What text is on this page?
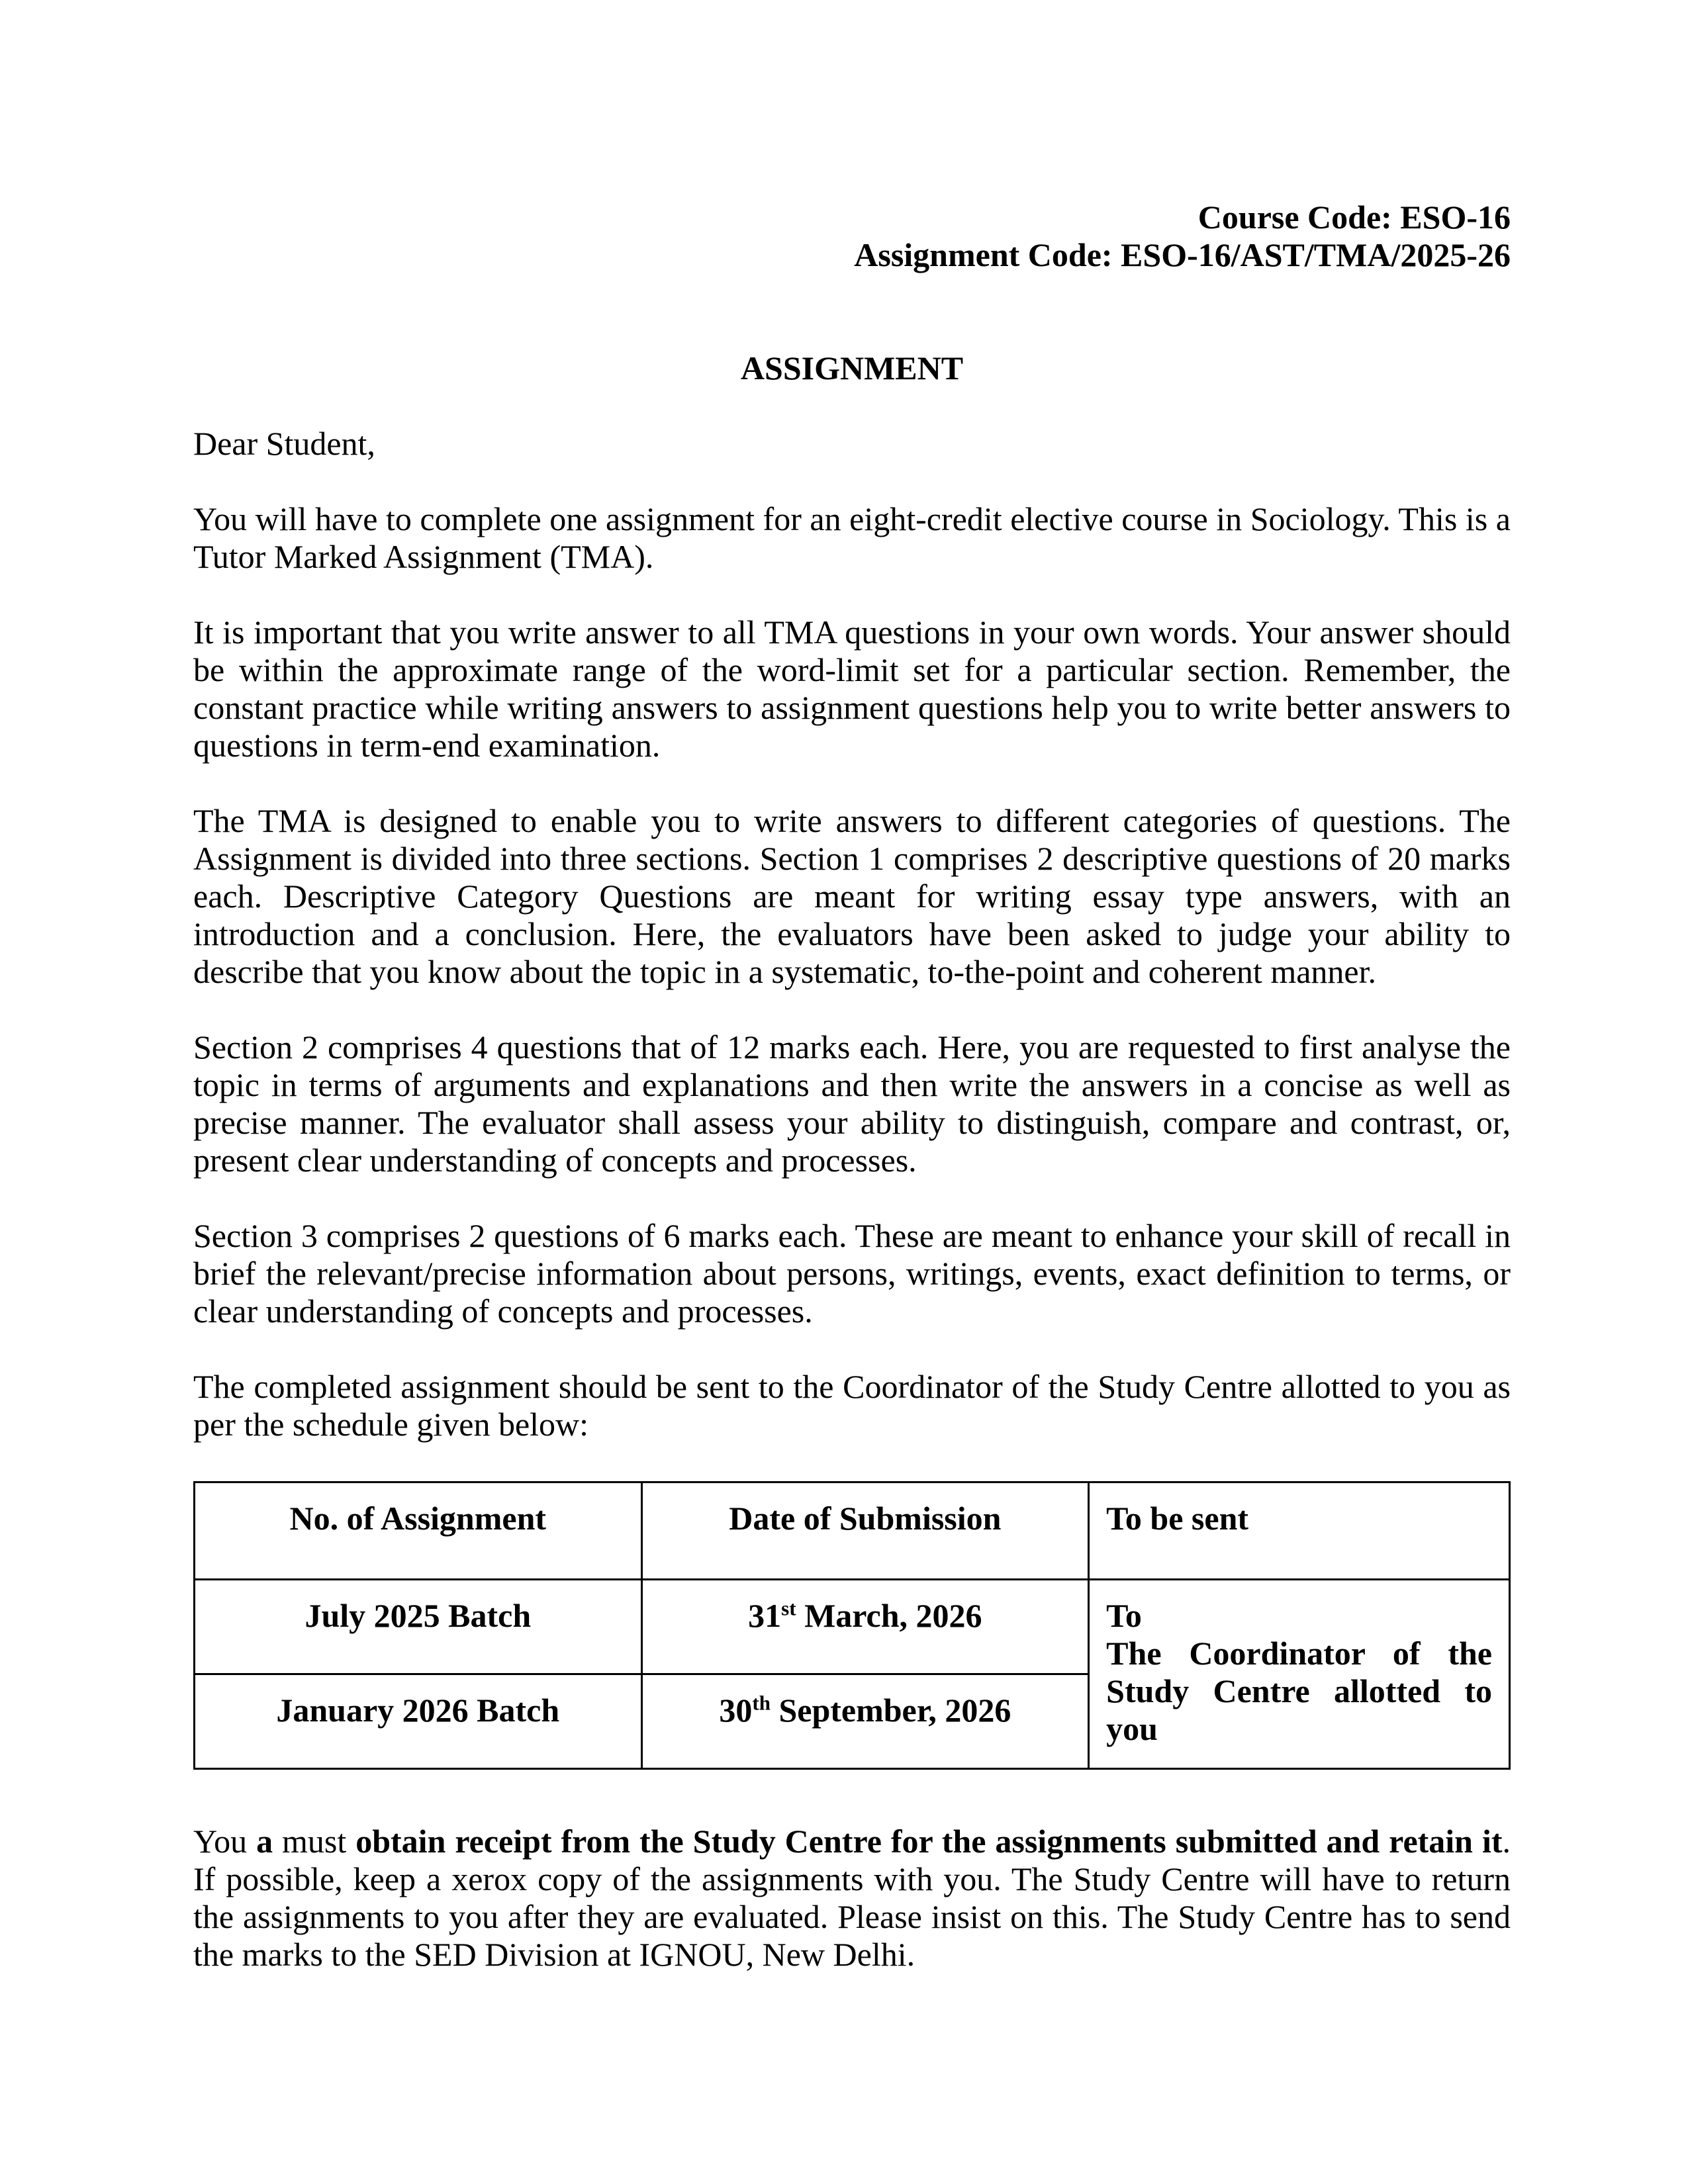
Course Code: ESO-16
Assignment Code: ESO-16/AST/TMA/2025-26
ASSIGNMENT
Dear Student,

You will have to complete one assignment for an eight-credit elective course in Sociology. This is a Tutor Marked Assignment (TMA).

It is important that you write answer to all TMA questions in your own words. Your answer should be within the approximate range of the word-limit set for a particular section. Remember, the constant practice while writing answers to assignment questions help you to write better answers to questions in term-end examination.

The TMA is designed to enable you to write answers to different categories of questions. The Assignment is divided into three sections. Section 1 comprises 2 descriptive questions of 20 marks each. Descriptive Category Questions are meant for writing essay type answers, with an introduction and a conclusion. Here, the evaluators have been asked to judge your ability to describe that you know about the topic in a systematic, to-the-point and coherent manner.

Section 2 comprises 4 questions that of 12 marks each. Here, you are requested to first analyse the topic in terms of arguments and explanations and then write the answers in a concise as well as precise manner. The evaluator shall assess your ability to distinguish, compare and contrast, or, present clear understanding of concepts and processes.

Section 3 comprises 2 questions of 6 marks each. These are meant to enhance your skill of recall in brief the relevant/precise information about persons, writings, events, exact definition to terms, or clear understanding of concepts and processes.

The completed assignment should be sent to the Coordinator of the Study Centre allotted to you as per the schedule given below:

No. of Assignment	Date of Submission	To be sent
July 2025 Batch	31st March, 2026	To
The Coordinator of the Study Centre allotted to you

January 2026 Batch	30th September, 2026	

You a must obtain receipt from the Study Centre for the assignments submitted and retain it. If possible, keep a xerox copy of the assignments with you. The Study Centre will have to return the assignments to you after they are evaluated. Please insist on this. The Study Centre has to send the marks to the SED Division at IGNOU, New Delhi.
